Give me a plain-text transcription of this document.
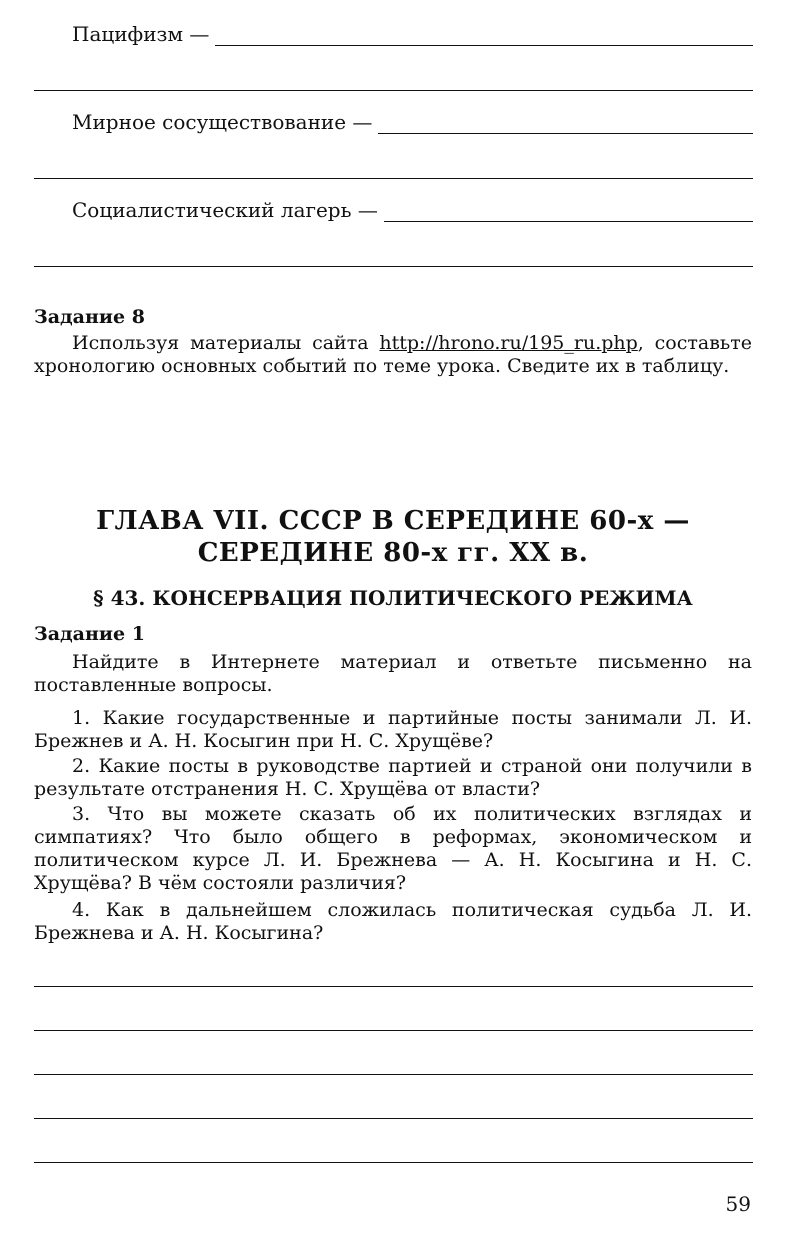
Пацифизм —
Мирное сосуществование —
Социалистический лагерь —
Задание 8
Используя материалы сайта http://hrono.ru/195_ru.php, составьте хронологию основных событий по теме урока. Сведите их в таблицу.
ГЛАВА VII. СССР В СЕРЕДИНЕ 60-х —
СЕРЕДИНЕ 80-х гг. XX в.
§ 43. КОНСЕРВАЦИЯ ПОЛИТИЧЕСКОГО РЕЖИМА
Задание 1
Найдите в Интернете материал и ответьте письменно на поставленные вопросы.
1. Какие государственные и партийные посты занимали Л. И. Брежнев и А. Н. Косыгин при Н. С. Хрущёве?
2. Какие посты в руководстве партией и страной они получили в результате отстранения Н. С. Хрущёва от власти?
3. Что вы можете сказать об их политических взглядах и симпатиях? Что было общего в реформах, экономическом и политическом курсе Л. И. Брежнева — А. Н. Косыгина и Н. С. Хрущёва? В чём состояли различия?
4. Как в дальнейшем сложилась политическая судьба Л. И. Брежнева и А. Н. Косыгина?
59
